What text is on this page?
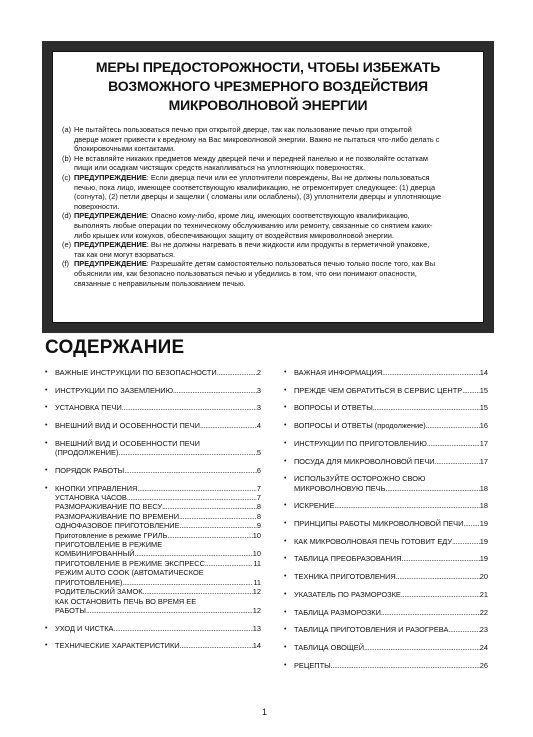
МЕРЫ ПРЕДОСТОРОЖНОСТИ, ЧТОБЫ ИЗБЕЖАТЬ
ВОЗМОЖНОГО ЧРЕЗМЕРНОГО ВОЗДЕЙСТВИЯ
МИКРОВОЛНОВОЙ ЭНЕРГИИ
(a) Не пытайтесь пользоваться печью при открытой дверце, так как пользование печью при открытой
дверце может привести к вредному на Вас микроволновой энергии. Важно не пытаться что-либо делать с
блокировочными контактами.
(b) Не вставляйте никаких предметов между дверцей печи и передней панелью и не позволяйте остаткам
пищи или осадкам чистящих средств накапливаться на уплотняющих поверхностях.
(c) ПРЕДУПРЕЖДЕНИЕ: Если дверца печи или ее уплотнители повреждены, Вы не должны пользоваться
печью, пока лицо, имеющее соответствующую квалификацию, не отремонтирует следующее: (1) дверца
(согнута), (2) петли дверцы и защелки ( сломаны или ослаблены), (3) уплотнители дверцы и уплотняющие
поверхности.
(d) ПРЕДУПРЕЖДЕНИЕ: Опасно кому-либо, кроме лиц, имеющих соответствующую квалификацию,
выполнять любые операции по техническому обслуживанию или ремонту, связанные со снятием каких-
либо крышек или кожухов, обеспечивающих защиту от воздействия микроволновой энергии.
(e) ПРЕДУПРЕЖДЕНИЕ: Вы не должны нагревать в печи жидкости или продукты в герметичной упаковке,
так как они могут взорваться.
(f) ПРЕДУПРЕЖДЕНИЕ: Разрешайте детям самостоятельно пользоваться печью только после того, как Вы
объяснили им, как безопасно пользоваться печью и убедились в том, что они понимают опасности,
связанные с неправильным пользованием печью.
СОДЕРЖАНИЕ
• ВАЖНЫЕ ИНСТРУКЦИИ ПО БЕЗОПАСНОСТИ .....	2
• ИНСТРУКЦИИ ПО ЗАЗЕМЛЕНИЮ .....	3
• УСТАНОВКА ПЕЧИ .....	3
• ВНЕШНИЙ ВИД И ОСОБЕННОСТИ ПЕЧИ .....	4
• ВНЕШНИЙ ВИД И ОСОБЕННОСТИ ПЕЧИ
(ПРОДОЛЖЕНИЕ) .....	5
• ПОРЯДОК РАБОТЫ .....	6
• КНОПКИ УПРАВЛЕНИЯ .....	7
УСТАНОВКА ЧАСОВ .....	7
РАЗМОРАЖИВАНИЕ ПО ВЕСУ .....	8
РАЗМОРАЖИВАНИЕ ПО ВРЕМЕНИ .....	8
ОДНОФАЗОВОЕ ПРИГОТОВЛЕНИЕ .....	9
Приготовление в режиме ГРИЛЬ .....	10
ПРИГОТОВЛЕНИЕ В РЕЖИМЕ
КОМБИНИРОВАННЫЙ .....	10
ПРИГОТОВЛЕНИЕ В РЕЖИМЕ ЭКСПРЕСС .....	11
РЕЖИМ AUTO COOK (АВТОМАТИЧЕСКОЕ
ПРИГОТОВЛЕНИЕ) .....	11
РОДИТЕЛЬСКИЙ ЗАМОК .....	12
КАК ОСТАНОВИТЬ ПЕЧЬ ВО ВРЕМЯ ЕЕ
РАБОТЫ .....	12
• УХОД И ЧИСТКА .....	13
• ТЕХНИЧЕСКИЕ ХАРАКТЕРИСТИКИ .....	14
• ВАЖНАЯ ИНФОРМАЦИЯ .....	14
• ПРЕЖДЕ ЧЕМ ОБРАТИТЬСЯ В СЕРВИС ЦЕНТР ..... 15
• ВОПРОСЫ И ОТВЕТЫ .....	15
• ВОПРОСЫ И ОТВЕТЫ (продолжение) .....	16
• ИНСТРУКЦИИ ПО ПРИГОТОВЛЕНИЮ .....	17
• ПОСУДА ДЛЯ МИКРОВОЛНОВОЙ ПЕЧИ .....	17
• ИСПОЛЬЗУЙТЕ ОСТОРОЖНО СВОЮ
МИКРОВОЛНОВУЮ ПЕЧЬ .....	18
• ИСКРЕНИЕ .....	18
• ПРИНЦИПЫ РАБОТЫ МИКРОВОЛНОВОЙ ПЕЧИ ..... 19
• КАК МИКРОВОЛНОВАЯ ПЕЧЬ ГОТОВИТ ЕДУ .....	19
• ТАБЛИЦА ПРЕОБРАЗОВАНИЯ .....	19
• ТЕХНИКА ПРИГОТОВЛЕНИЯ .....	20
• УКАЗАТЕЛЬ ПО РАЗМОРОЗКЕ .....	21
• ТАБЛИЦА РАЗМОРОЗКИ .....	22
• ТАБЛИЦА ПРИГОТОВЛЕНИЯ И РАЗОГРЕВА .....	23
• ТАБЛИЦА ОВОЩЕЙ .....	24
• РЕЦЕПТЫ .....	26
1
